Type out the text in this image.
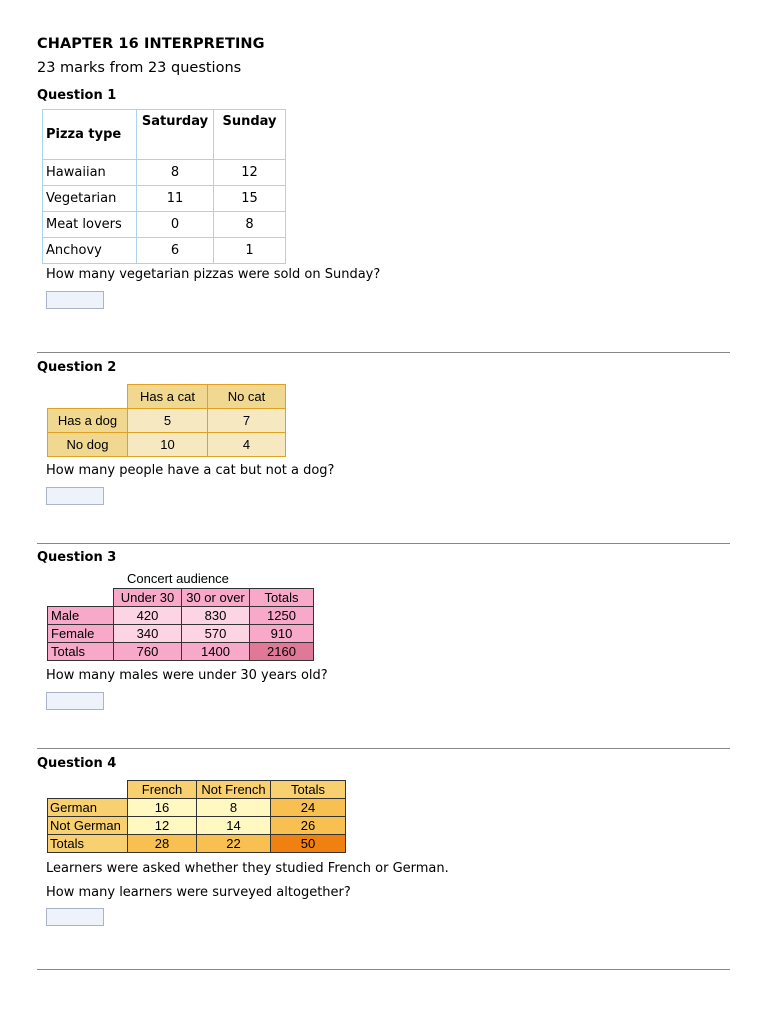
CHAPTER 16 INTERPRETING
23 marks from 23 questions
Question 1
Pizza type	Saturday	Sunday
Hawaiian	8	12
Vegetarian	11	15
Meat lovers	0	8
Anchovy	6	1
How many vegetarian pizzas were sold on Sunday?
Question 2
	Has a cat	No cat
Has a dog	5	7
No dog	10	4
How many people have a cat but not a dog?
Question 3
Concert audience
	Under 30	30 or over	Totals
Male	420	830	1250
Female	340	570	910
Totals	760	1400	2160
How many males were under 30 years old?
Question 4
	French	Not French	Totals
German	16	8	24
Not German	12	14	26
Totals	28	22	50
Learners were asked whether they studied French or German.
How many learners were surveyed altogether?
